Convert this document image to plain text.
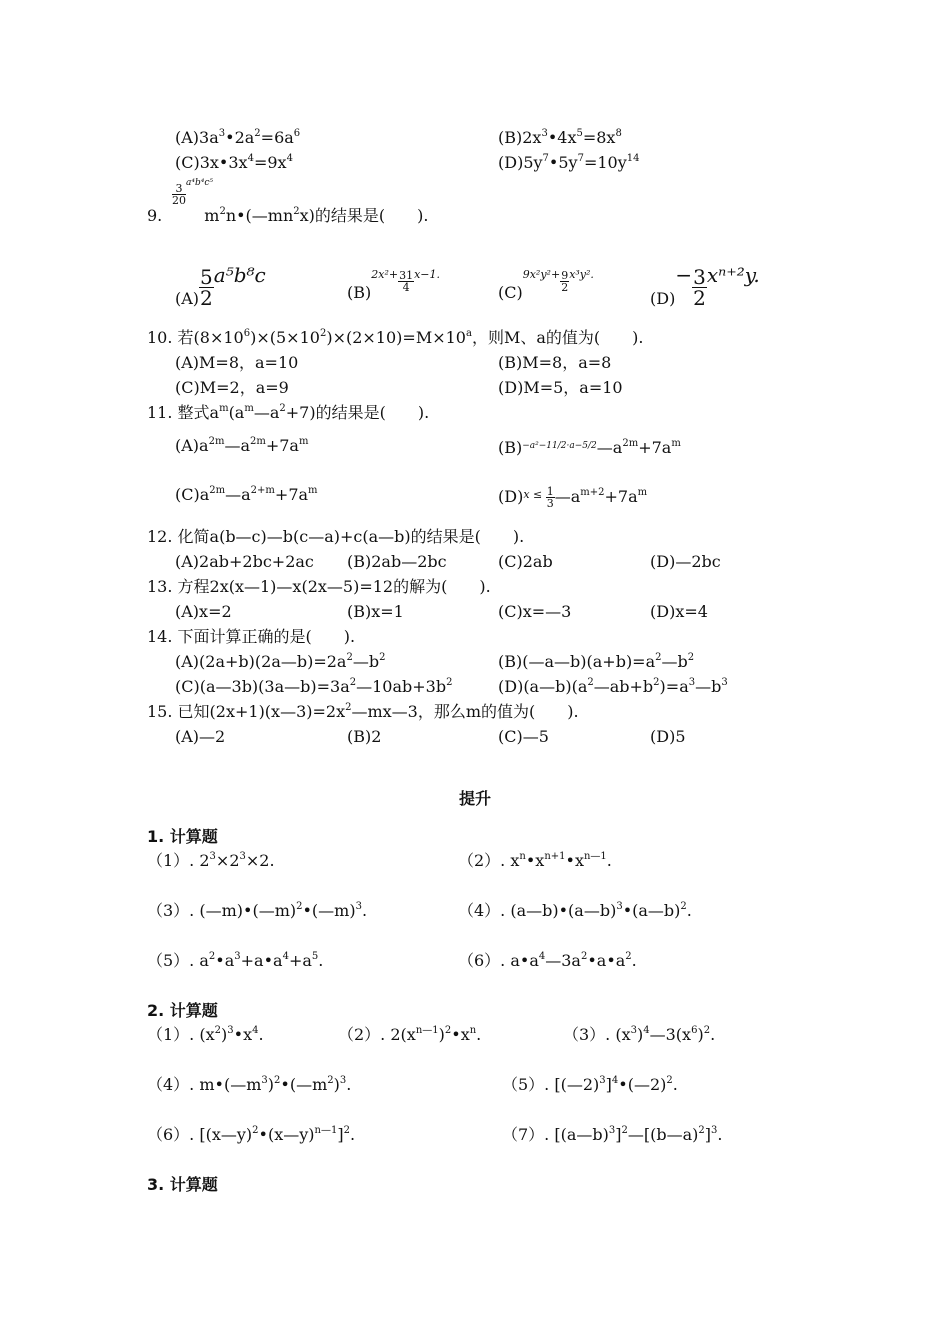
$(A)3a^3•2a^2=6a^6$	$(B)2x^3•4x^5=8x^8$
$(C)3x•3x^4=9x^4$	$(D)5y^7•5y^7=10y^{14}$
$\frac{3}{20} a^4b^4c^5$
9.	$m^2n•(—mn^2x)$的结果是(　　).
$(A) \frac{5}{2} a^5b^8c$
$(B)^{2x^2+} \frac{31}{4} ^{x-1.}$
$(C)^{9x^2y^2+} \frac{9}{2} ^{x^3y^2.}$
$(D)- \frac{3}{2} x^{n+2}y$.
10. 若$(8\times 10^6)\times(5\times 10^2)\times(2\times 10)=M\times 10^a$，则M、a的值为(　　).
(A)M=8，a=10	(B)M=8，a=8
(C)M=2，a=9	(D)M=5，a=10
11. 整式$a^m(a^m—a^2+7)$的结果是(　　).
$(A)a^{2m}—a^{2m}+7a^m$	$(B)^{-a^2-11/2\cdot a-5/2}—a^{2m}+7a^m$
$(C)a^{2m}—a^{2+m}+7a^m$	$(D)^{x \le} \frac{1}{3}$ $—a^{m+2}+7a^m$
12. 化简a(b—c)—b(c—a)+c(a—b)的结果是(　　).
(A)2ab+2bc+2ac (B)2ab—2bc	(C)2ab	(D)—2bc
13. 方程2x(x—1)—x(2x—5)=12的解为(　　).
(A)x=2	(B)x=1	(C)x=—3	(D)x=4
14. 下面计算正确的是(　　).
$(A)(2a+b)(2a—b)=2a^2—b^2$	$(B)(—a—b)(a+b)=a^2—b^2$
$(C)(a—3b)(3a—b)=3a^2—10ab+3b^2$	$(D)(a—b)(a^2—ab+b^2)=a^3—b^3$
15. 已知$(2x+1)(x—3)=2x^2—mx—3$，那么m的值为(　　).
(A)—2	(B)2	(C)—5	(D)5
提升
1. 计算题
（1）. $2^3\times 2^3\times 2$.	（2）. $x^n•x^{n+1}•x^{n—1}$.
（3）. (—m)•(—m)$^2$•(—m)$^3$.	（4）. (a—b)•(a—b)$^3$•(a—b)$^2$.
（5）. $a^2•a^3+a•a^4+a^5$.	（6）. $a•a^4—3a^2•a•a^2$.
2. 计算题
（1）. $(x^2)^3•x^4$.	（2）. $2(x^{n—1})^2•x^n$.	（3）. $(x^3)^4—3(x^6)^2$.
（4）. $m•(—m^3)^2•(—m^2)^3$.	（5）. [(—2)$^3$]$^4$•(—2)$^2$.
（6）. [(x—y)$^2$•(x—y)$^{n—1}$]$^2$.	（7）. [(a—b)$^3$]$^2$—[(b—a)$^2$]$^3$.
3. 计算题
